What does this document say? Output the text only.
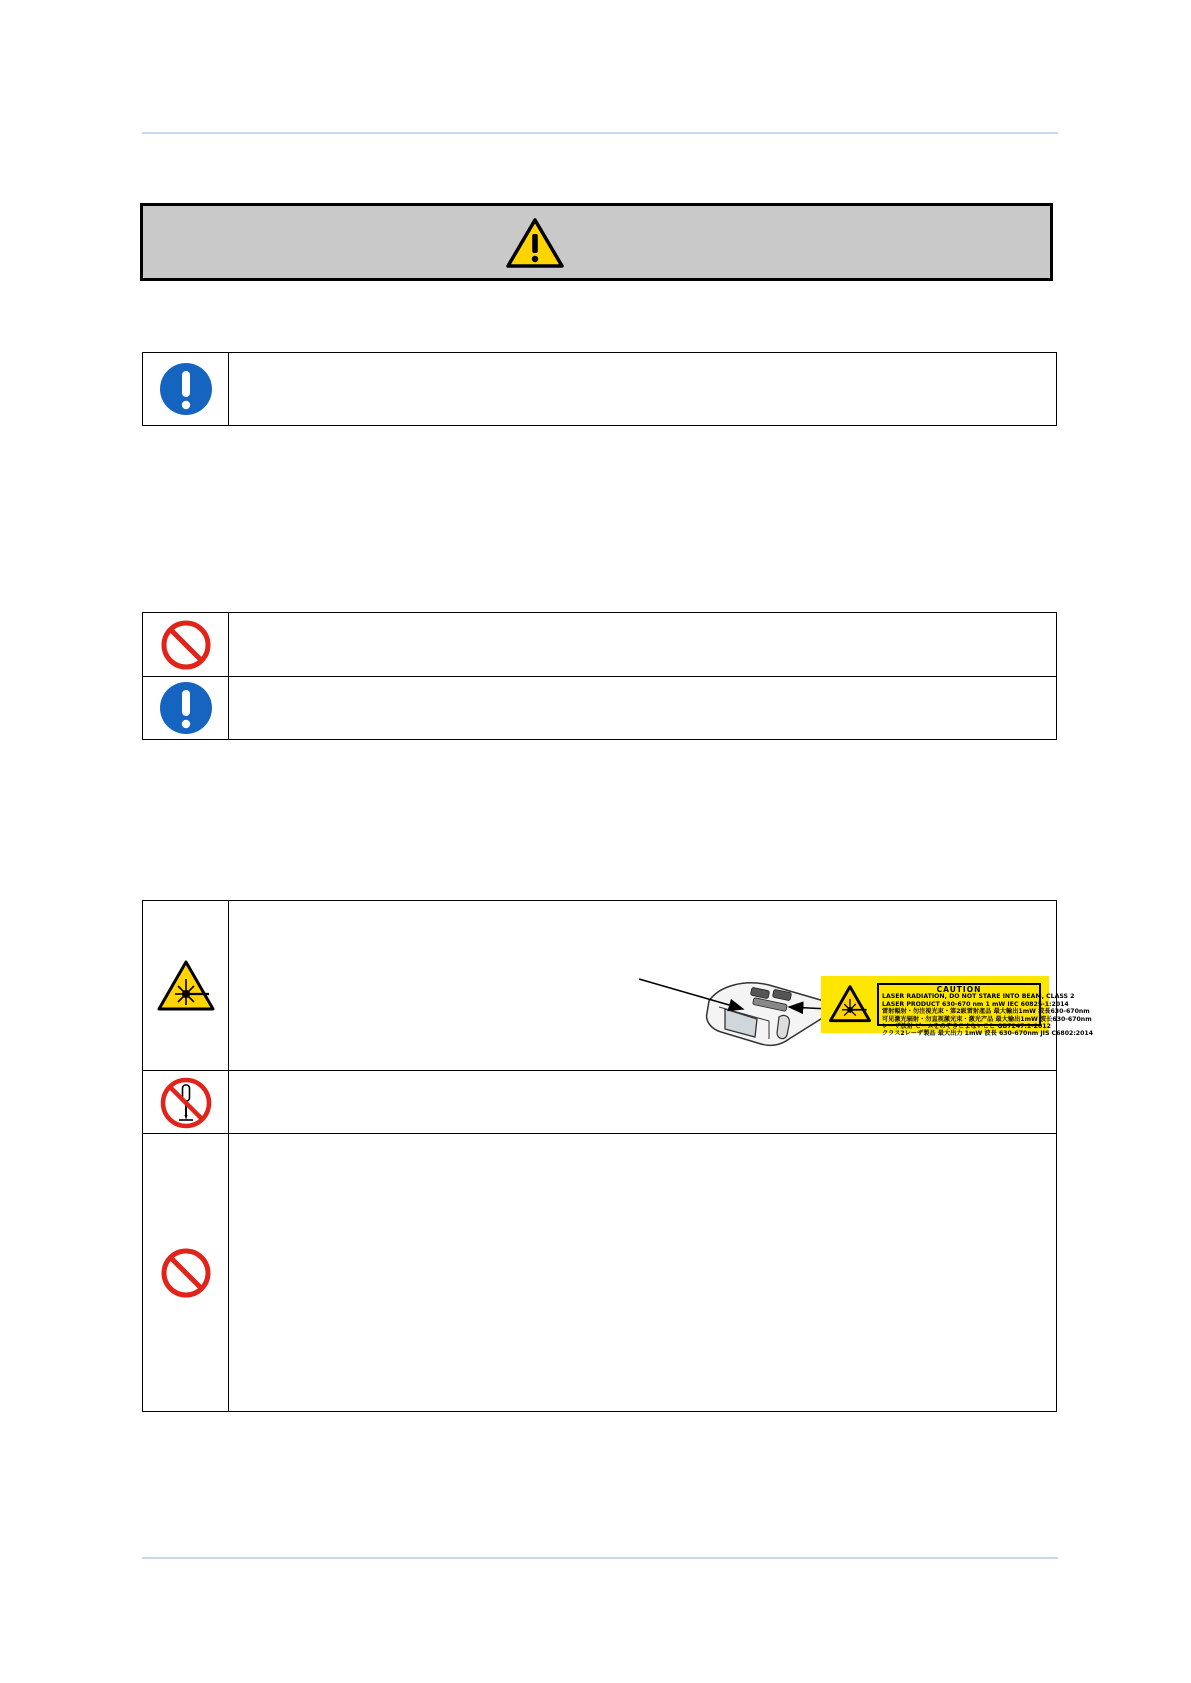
CAUTION
LASER RADIATION, DO NOT STARE INTO BEAM, CLASS 2
LASER PRODUCT 630-670 nm 1 mW IEC 60825-1:2014
雷射輻射・勿注視光束・第2級雷射產品 最大輸出1mW 波長630-670nm
可见激光辐射・勿直视激光束・激光产品 最大输出1mW 波长630-670nm
レーザ放射 ビームをのぞきこまないこと GB7247.1-2012
クラス2レーザ製品 最大出力 1mW 波長 630-670nm JIS C6802:2014
